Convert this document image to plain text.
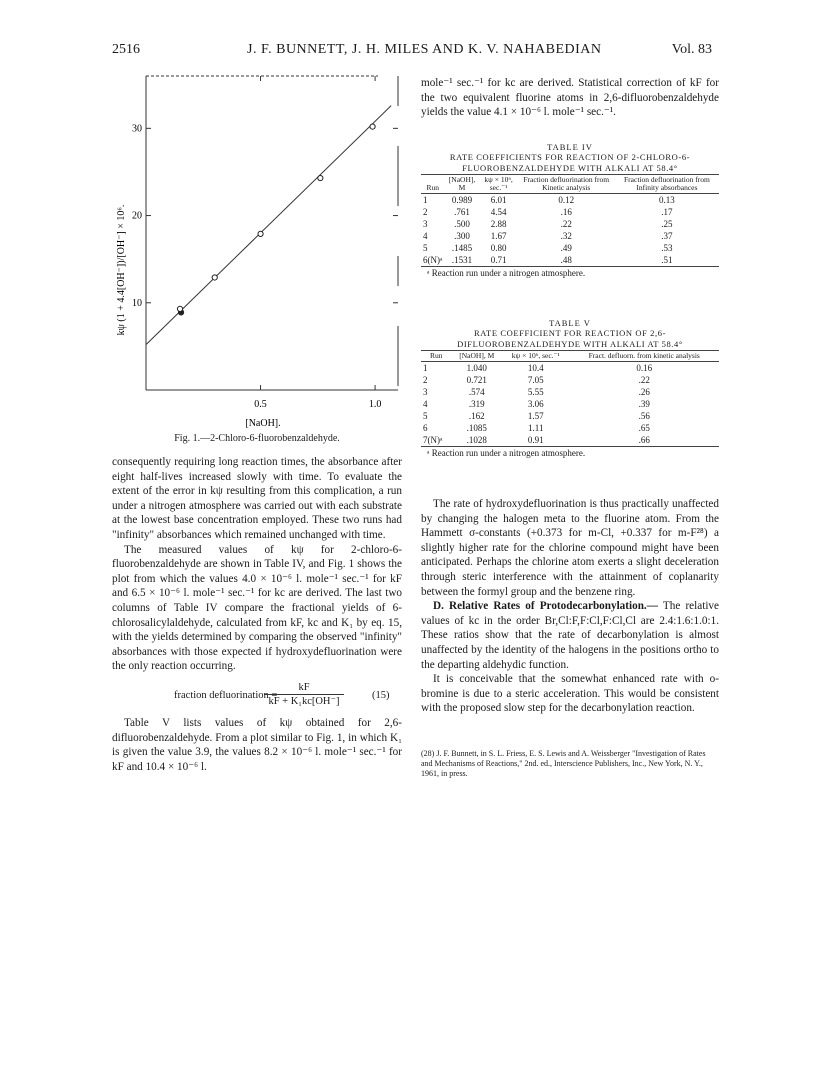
2516	J. F. BUNNETT, J. H. MILES AND K. V. NAHABEDIAN	Vol. 83
10
20
30
0.5	1.0
kψ (1 + 4.4[OH⁻])/[OH⁻] × 10⁶.
[NaOH].
Fig. 1.—2-Chloro-6-fluorobenzaldehyde.

consequently requiring long reaction times, the absorbance after eight half-lives increased slowly with time. To evaluate the extent of the error in kψ resulting from this complication, a run under a nitrogen atmosphere was carried out with each substrate at the lowest base concentration employed. These two runs had "infinity" absorbances which remained unchanged with time.

The measured values of kψ for 2-chloro-6-fluorobenzaldehyde are shown in Table IV, and Fig. 1 shows the plot from which the values 4.0 × 10⁻⁶ l. mole⁻¹ sec.⁻¹ for kF and 6.5 × 10⁻⁶ l. mole⁻¹ sec.⁻¹ for kc are derived. The last two columns of Table IV compare the fractional yields of 6-chlorosalicylaldehyde, calculated from kF, kc and K₁ by eq. 15, with the yields determined by comparing the observed "infinity" absorbances with those expected if hydroxydefluorination were the only reaction occurring.

fraction defluorination =
$\frac{kF}{\text{kF + K₁kc[OH⁻]}}$	(15)

Table V lists values of kψ obtained for 2,6-difluorobenzaldehyde. From a plot similar to Fig. 1, in which K₁ is given the value 3.9, the values 8.2 × 10⁻⁶ l. mole⁻¹ sec.⁻¹ for kF and 10.4 × 10⁻⁶ l.

mole⁻¹ sec.⁻¹ for kc are derived. Statistical correction of kF for the two equivalent fluorine atoms in 2,6-difluorobenzaldehyde yields the value 4.1 × 10⁻⁶ l. mole⁻¹ sec.⁻¹.

TABLE IV
RATE COEFFICIENTS FOR REACTION OF 2-CHLORO-6-FLUOROBENZALDEHYDE WITH ALKALI AT 58.4°
Run	[NaOH], M	kψ × 10⁶, sec.⁻¹	Fraction defluorination from Kinetic analysis	Fraction defluorination from Infinity absorbances
1	0.989	6.01	0.12	0.13
2	.761	4.54	.16	.17
3	.500	2.88	.22	.25
4	.300	1.67	.32	.37
5	.1485	0.80	.49	.53
6(N)ᵃ	.1531	0.71	.48	.51
ᵃ Reaction run under a nitrogen atmosphere.
TABLE V
RATE COEFFICIENT FOR REACTION OF 2,6-DIFLUOROBENZALDEHYDE WITH ALKALI AT 58.4°
Run	[NaOH], M	kψ × 10⁶, sec.⁻¹	Fract. defluorn. from kinetic analysis
1	1.040	10.4	0.16
2	0.721	7.05	.22
3	.574	5.55	.26
4	.319	3.06	.39
5	.162	1.57	.56
6	.1085	1.11	.65
7(N)ᵃ	.1028	0.91	.66
ᵃ Reaction run under a nitrogen atmosphere.

The rate of hydroxydefluorination is thus practically unaffected by changing the halogen meta to the fluorine atom. From the Hammett σ-constants (+0.373 for m-Cl, +0.337 for m-F²⁸) a slightly higher rate for the chlorine compound might have been anticipated. Perhaps the chlorine atom exerts a slight deceleration through steric interference with the attainment of coplanarity between the formyl group and the benzene ring.

D. Relative Rates of Protodecarbonylation.— The relative values of kc in the order Br,Cl:F,F:Cl,F:Cl,Cl are 2.4:1.6:1.0:1. These ratios show that the rate of decarbonylation is almost unaffected by the identity of the halogens in the positions ortho to the departing aldehydic function.

It is conceivable that the somewhat enhanced rate with o-bromine is due to a steric acceleration. This would be consistent with the proposed slow step for the decarbonylation reaction.

(28) J. F. Bunnett, in S. L. Friess, E. S. Lewis and A. Weissberger "Investigation of Rates and Mechanisms of Reactions," 2nd. ed., Interscience Publishers, Inc., New York, N. Y., 1961, in press.
